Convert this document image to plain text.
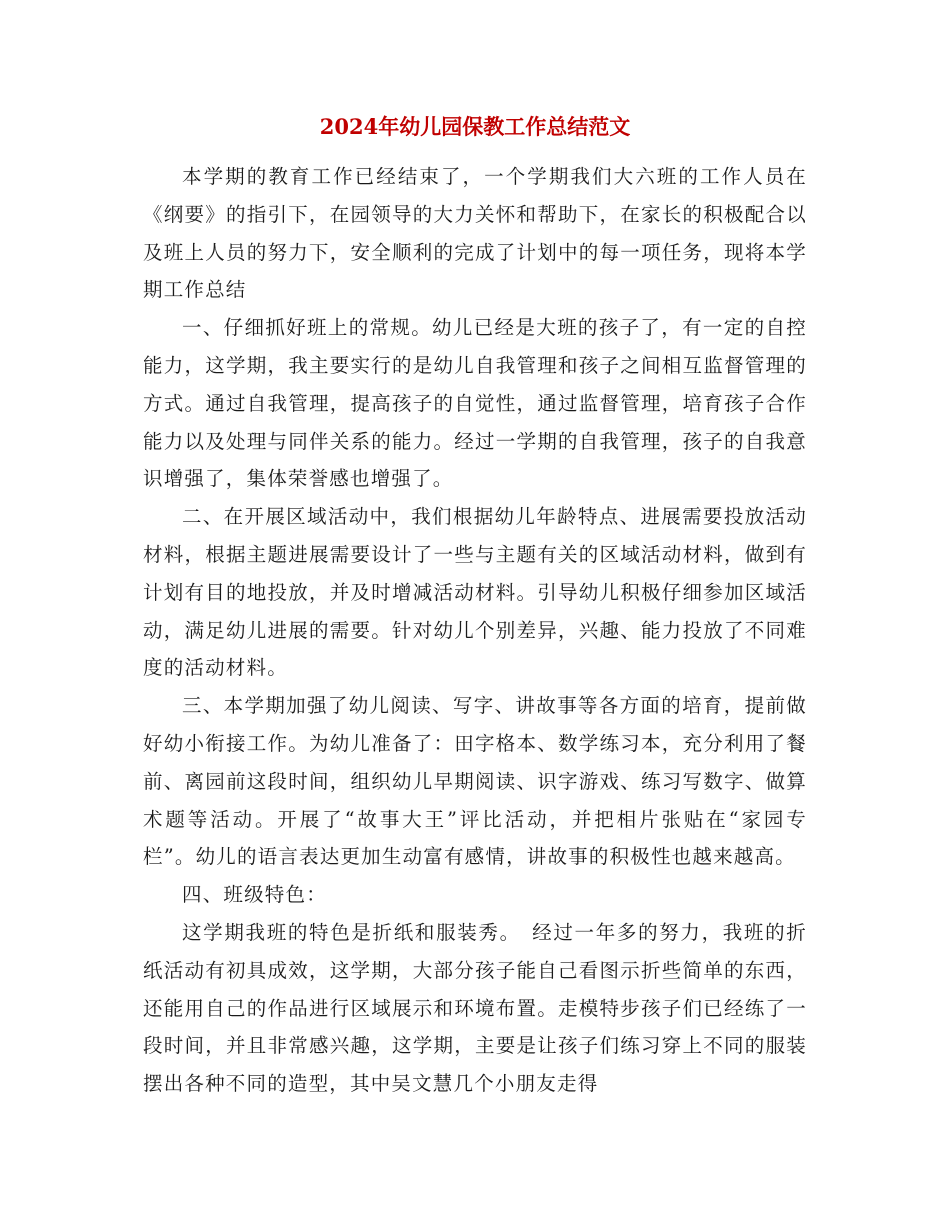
2024年幼儿园保教工作总结范文

本学期的教育工作已经结束了，一个学期我们大六班的工作人员在《纲要》的指引下，在园领导的大力关怀和帮助下，在家长的积极配合以及班上人员的努力下，安全顺利的完成了计划中的每一项任务，现将本学期工作总结

一、仔细抓好班上的常规。幼儿已经是大班的孩子了，有一定的自控能力，这学期，我主要实行的是幼儿自我管理和孩子之间相互监督管理的方式。通过自我管理，提高孩子的自觉性，通过监督管理，培育孩子合作能力以及处理与同伴关系的能力。经过一学期的自我管理，孩子的自我意识增强了，集体荣誉感也增强了。

二、在开展区域活动中，我们根据幼儿年龄特点、进展需要投放活动材料，根据主题进展需要设计了一些与主题有关的区域活动材料，做到有计划有目的地投放，并及时增减活动材料。引导幼儿积极仔细参加区域活动，满足幼儿进展的需要。针对幼儿个别差异，兴趣、能力投放了不同难度的活动材料。

三、本学期加强了幼儿阅读、写字、讲故事等各方面的培育，提前做好幼小衔接工作。为幼儿准备了：田字格本、数学练习本，充分利用了餐前、离园前这段时间，组织幼儿早期阅读、识字游戏、练习写数字、做算术题等活动。开展了“故事大王”评比活动，并把相片张贴在“家园专栏”。幼儿的语言表达更加生动富有感情，讲故事的积极性也越来越高。

四、班级特色：

这学期我班的特色是折纸和服装秀。　经过一年多的努力，我班的折纸活动有初具成效，这学期，大部分孩子能自己看图示折些简单的东西，还能用自己的作品进行区域展示和环境布置。走模特步孩子们已经练了一段时间，并且非常感兴趣，这学期，主要是让孩子们练习穿上不同的服装摆出各种不同的造型，其中吴文慧几个小朋友走得
